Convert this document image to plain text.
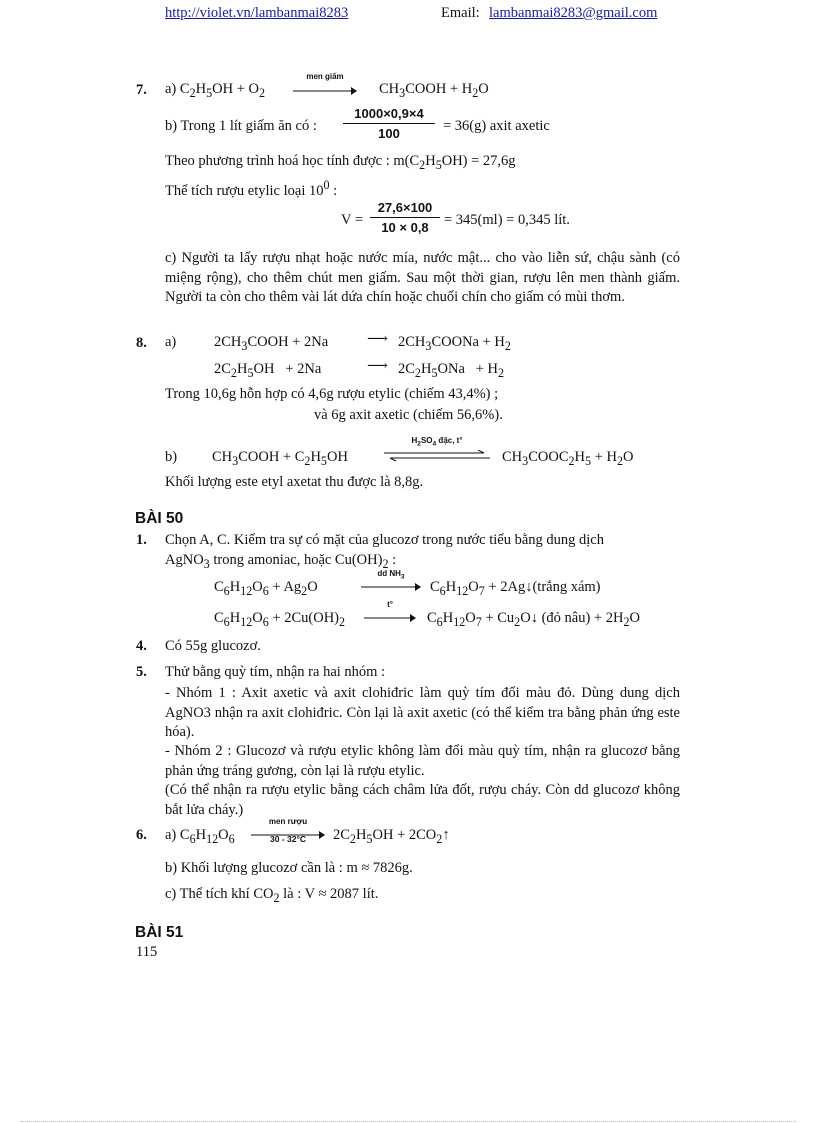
http://violet.vn/lambanmai8283	Email: lambanmai8283@gmail.com
7. a) $C_2H_5OH + O_2$
men giấm
$CH_3COOH + H_2O$
b) Trong 1 lít giấm ăn có :
1000×0,9×4
100	= 36(g) axit axetic
Theo phương trình hoá học tính được : $m(C_2H_5OH) = 27,6g$
Thể tích rượu etylic loại $10^0$ :
V =
27,6×100
10 × 0,8	= 345(ml) = 0,345 lít.
c) Người ta lấy rượu nhạt hoặc nước mía, nước mật... cho vào liễn sứ, chậu sành (có miệng rộng), cho thêm chút men giấm. Sau một thời gian, rượu lên men thành giấm. Người ta còn cho thêm vài lát dứa chín hoặc chuối chín cho giấm có mùi thơm.
8. a)	$2CH_3COOH + 2Na$	⟶ $2CH_3COONa + H_2$
$2C_2H_5OH + 2Na$	⟶ $2C_2H_5ONa + H_2$
Trong 10,6g hỗn hợp có 4,6g rượu etylic (chiếm 43,4%) ;
và 6g axit axetic (chiếm 56,6%).
b) $CH_3COOH + C_2H_5OH$
$H_2SO_4$ đặc, t°
$CH_3COOC_2H_5 + H_2O$
Khối lượng este etyl axetat thu được là 8,8g.
BÀI 50
1. Chọn A, C. Kiểm tra sự có mặt của glucozơ trong nước tiểu bằng dung dịch
AgNO$_3$ trong amoniac, hoặc $Cu(OH)_2$ :
$C_6H_{12}O_6 + Ag_2O$
dd $NH_3$
$C_6H_{12}O_7$ + 2Ag↓(trắng xám)
$C_6H_{12}O_6 + 2Cu(OH)_2$
t°
$C_6H_{12}O_7$ + $Cu_2O↓$ (đỏ nâu) + $2H_2O$
4. Có 55g glucozơ.
5. Thử bằng quỳ tím, nhận ra hai nhóm :
- Nhóm 1 : Axit axetic và axit clohiđric làm quỳ tím đổi màu đỏ. Dùng dung dịch AgNO3 nhận ra axit clohiđric. Còn lại là axit axetic (có thể kiểm tra bằng phản ứng este hóa).
- Nhóm 2 : Glucozơ và rượu etylic không làm đổi màu quỳ tím, nhận ra glucozơ bằng phản ứng tráng gương, còn lại là rượu etylic.
(Có thể nhận ra rượu etylic bằng cách châm lửa đốt, rượu cháy. Còn dd glucozơ không bắt lửa cháy.)
6. a) $C_6H_{12}O_6$
men rượu
30 - 32°C	$2C_2H_5OH$ + $2CO_2↑$
b) Khối lượng glucozơ cần là : m ≈ 7826g.
c) Thể tích khí $CO_2$ là : V ≈ 2087 lít.
BÀI 51
115
